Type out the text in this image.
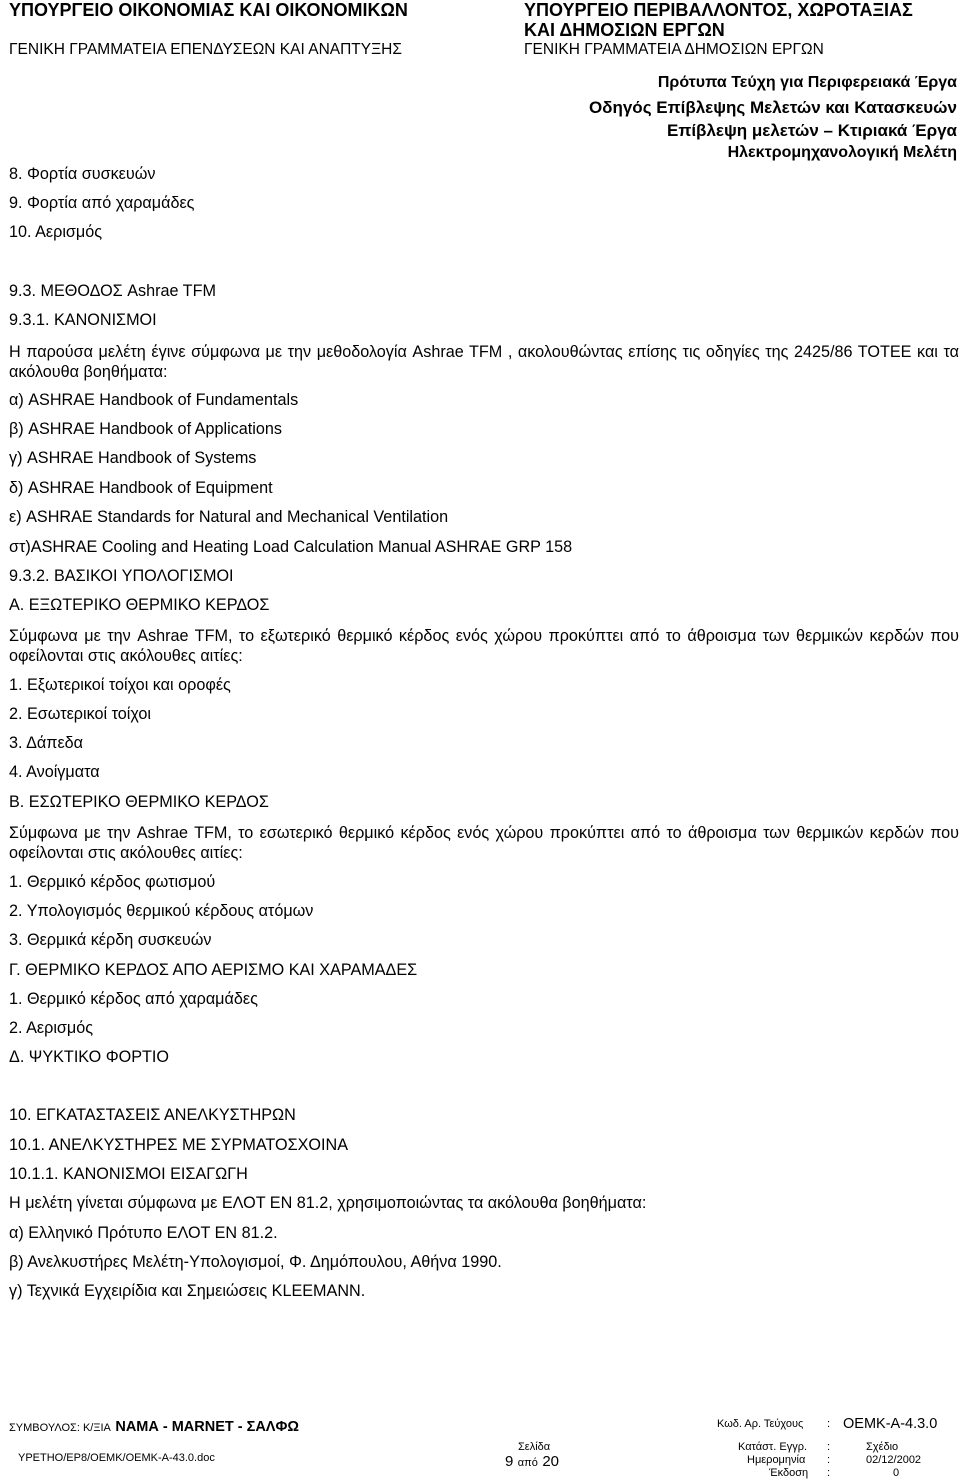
ΥΠΟΥΡΓΕΙΟ ΟΙΚΟΝΟΜΙΑΣ ΚΑΙ ΟΙΚΟΝΟΜΙΚΩΝ
ΓΕΝΙΚΗ ΓΡΑΜΜΑΤΕΙΑ ΕΠΕΝΔΥΣΕΩΝ ΚΑΙ ΑΝΑΠΤΥΞΗΣ
ΥΠΟΥΡΓΕΙΟ ΠΕΡΙΒΑΛΛΟΝΤΟΣ, ΧΩΡΟΤΑΞΙΑΣ
ΚΑΙ ΔΗΜΟΣΙΩΝ ΕΡΓΩΝ
ΓΕΝΙΚΗ ΓΡΑΜΜΑΤΕΙΑ ΔΗΜΟΣΙΩΝ ΕΡΓΩΝ
Πρότυπα Τεύχη για Περιφερειακά Έργα
Οδηγός Επίβλεψης Μελετών και Κατασκευών
Επίβλεψη μελετών – Κτιριακά Έργα
Ηλεκτρομηχανολογική Μελέτη
8. Φορτία συσκευών
9. Φορτία από χαραμάδες
10. Αερισμός
9.3. ΜΕΘΟΔΟΣ Ashrae TFM
9.3.1. ΚΑΝΟΝΙΣΜΟΙ
Η παρούσα μελέτη έγινε σύμφωνα με την μεθοδολογία Ashrae TFM , ακολουθώντας επίσης τις οδηγίες της 2425/86 ΤΟΤΕΕ και τα ακόλουθα βοηθήματα:
α) ASHRAE Handbook of Fundamentals
β) ASHRAE Handbook of Applications
γ) ASHRAE Handbook of Systems
δ) ASHRAE Handbook of Equipment
ε) ASHRAE Standards for Natural and Mechanical Ventilation
στ)ASHRAE Cooling and Heating Load Calculation Manual ASHRAE GRP 158
9.3.2. ΒΑΣΙΚΟΙ ΥΠΟΛΟΓΙΣΜΟΙ
Α. ΕΞΩΤΕΡΙΚΟ ΘΕΡΜΙΚΟ ΚΕΡΔΟΣ
Σύμφωνα με την Ashrae TFM, το εξωτερικό θερμικό κέρδος ενός χώρου προκύπτει από το άθροισμα των θερμικών κερδών που οφείλονται στις ακόλουθες αιτίες:
1. Εξωτερικοί τοίχοι και οροφές
2. Εσωτερικοί τοίχοι
3. Δάπεδα
4. Ανοίγματα
Β. ΕΣΩΤΕΡΙΚΟ ΘΕΡΜΙΚΟ ΚΕΡΔΟΣ
Σύμφωνα με την Ashrae TFM, το εσωτερικό θερμικό κέρδος ενός χώρου προκύπτει από το άθροισμα των θερμικών κερδών που οφείλονται στις ακόλουθες αιτίες:
1. Θερμικό κέρδος φωτισμού
2. Υπολογισμός θερμικού κέρδους ατόμων
3. Θερμικά κέρδη συσκευών
Γ. ΘΕΡΜΙΚΟ ΚΕΡΔΟΣ ΑΠΟ ΑΕΡΙΣΜΟ ΚΑΙ ΧΑΡΑΜΑΔΕΣ
1. Θερμικό κέρδος από χαραμάδες
2. Αερισμός
Δ. ΨΥΚΤΙΚΟ ΦΟΡΤΙΟ
10. ΕΓΚΑΤΑΣΤΑΣΕΙΣ ΑΝΕΛΚΥΣΤΗΡΩΝ
10.1. ΑΝΕΛΚΥΣΤΗΡΕΣ ΜΕ ΣΥΡΜΑΤΟΣΧΟΙΝΑ
10.1.1. ΚΑΝΟΝΙΣΜΟΙ ΕΙΣΑΓΩΓΗ
Η μελέτη γίνεται σύμφωνα με ΕΛΟΤ ΕΝ 81.2, χρησιμοποιώντας τα ακόλουθα βοηθήματα:
α) Ελληνικό Πρότυπο ΕΛΟΤ ΕΝ 81.2.
β) Ανελκυστήρες Μελέτη-Υπολογισμοί, Φ. Δημόπουλου, Αθήνα 1990.
γ) Τεχνικά Εγχειρίδια και Σημειώσεις KLEEMANN.
ΣΥΜΒΟΥΛΟΣ: Κ/ΞΙΑ ΝΑΜΑ - MARNET - ΣΑΛΦΩ
ΥΡΕΤΗΟ/ΕΡ8/ΟΕΜΚ/ΟΕΜΚ-Α-43.0.doc
Σελίδα
9 από 20
Κωδ. Αρ. Τεύχους : ΟΕΜΚ-Α-4.3.0
Κατάστ. Εγγρ. :	Σχέδιο
Ημερομηνία :	02/12/2002
Έκδοση :	0
